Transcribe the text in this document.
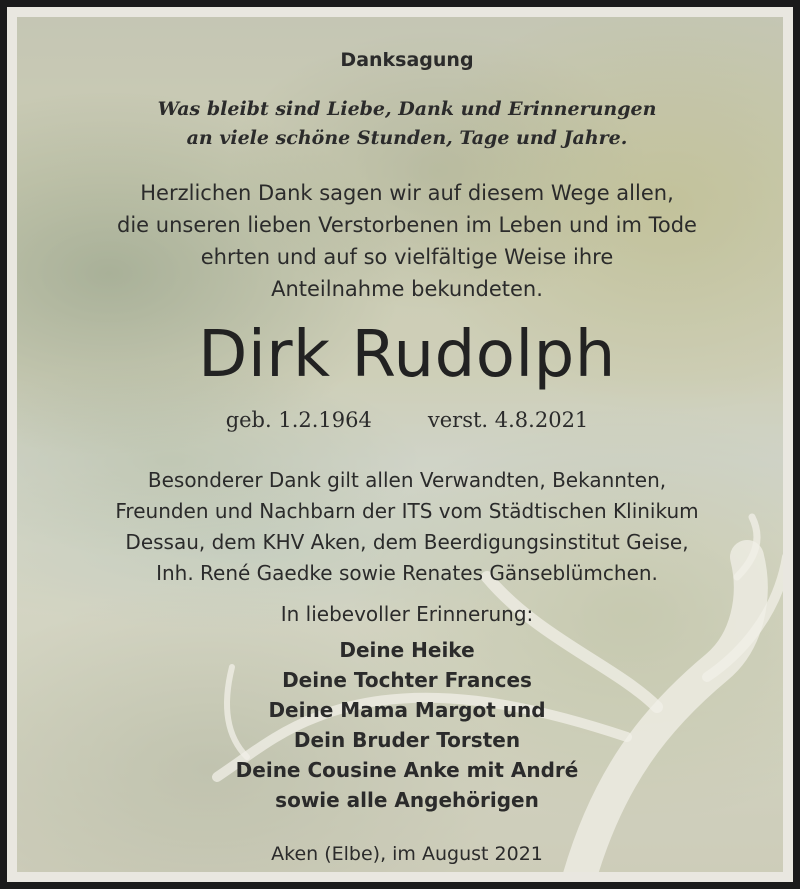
Danksagung
Was bleibt sind Liebe, Dank und Erinnerungen
an viele schöne Stunden, Tage und Jahre.
Herzlichen Dank sagen wir auf diesem Wege allen,
die unseren lieben Verstorbenen im Leben und im Tode
ehrten und auf so vielfältige Weise ihre
Anteilnahme bekundeten.
Dirk Rudolph
geb. 1.2.1964	verst. 4.8.2021
Besonderer Dank gilt allen Verwandten, Bekannten,
Freunden und Nachbarn der ITS vom Städtischen Klinikum
Dessau, dem KHV Aken, dem Beerdigungsinstitut Geise,
Inh. René Gaedke sowie Renates Gänseblümchen.
In liebevoller Erinnerung:
Deine Heike
Deine Tochter Frances
Deine Mama Margot und
Dein Bruder Torsten
Deine Cousine Anke mit André
sowie alle Angehörigen
Aken (Elbe), im August 2021
